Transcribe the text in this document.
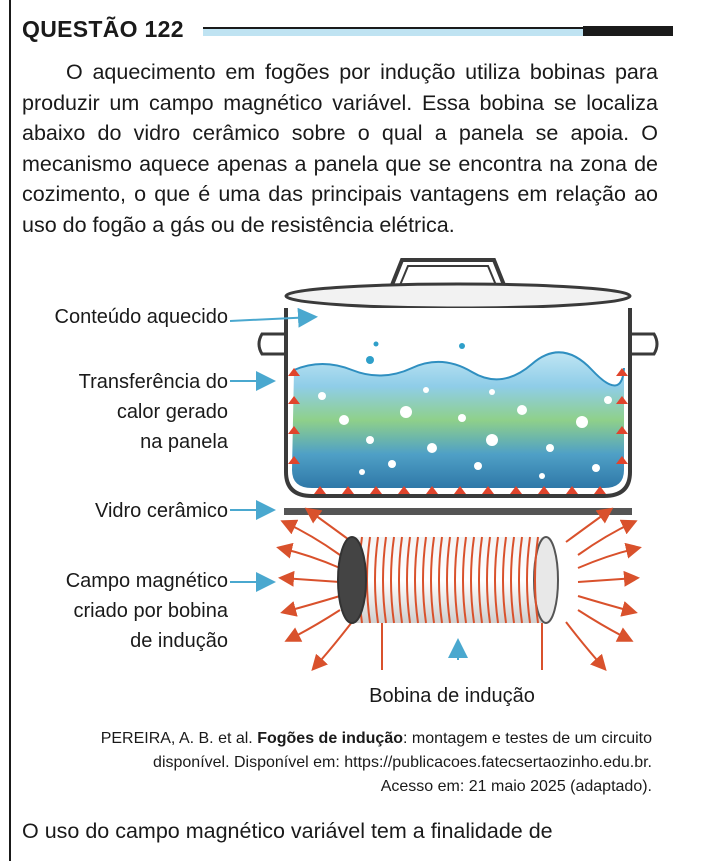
QUESTÃO 122

O aquecimento em fogões por indução utiliza bobinas para produzir um campo magnético variável. Essa bobina se localiza abaixo do vidro cerâmico sobre o qual a panela se apoia. O mecanismo aquece apenas a panela que se encontra na zona de cozimento, o que é uma das principais vantagens em relação ao uso do fogão a gás ou de resistência elétrica.

Conteúdo aquecido
Transferência do
calor gerado
na panela
Vidro cerâmico
Campo magnético
criado por bobina
de indução
Bobina de indução
PEREIRA, A. B. et al. Fogões de indução: montagem e testes de um circuito
disponível. Disponível em: https://publicacoes.fatecsertaozinho.edu.br.
Acesso em: 21 maio 2025 (adaptado).
O uso do campo magnético variável tem a finalidade de
